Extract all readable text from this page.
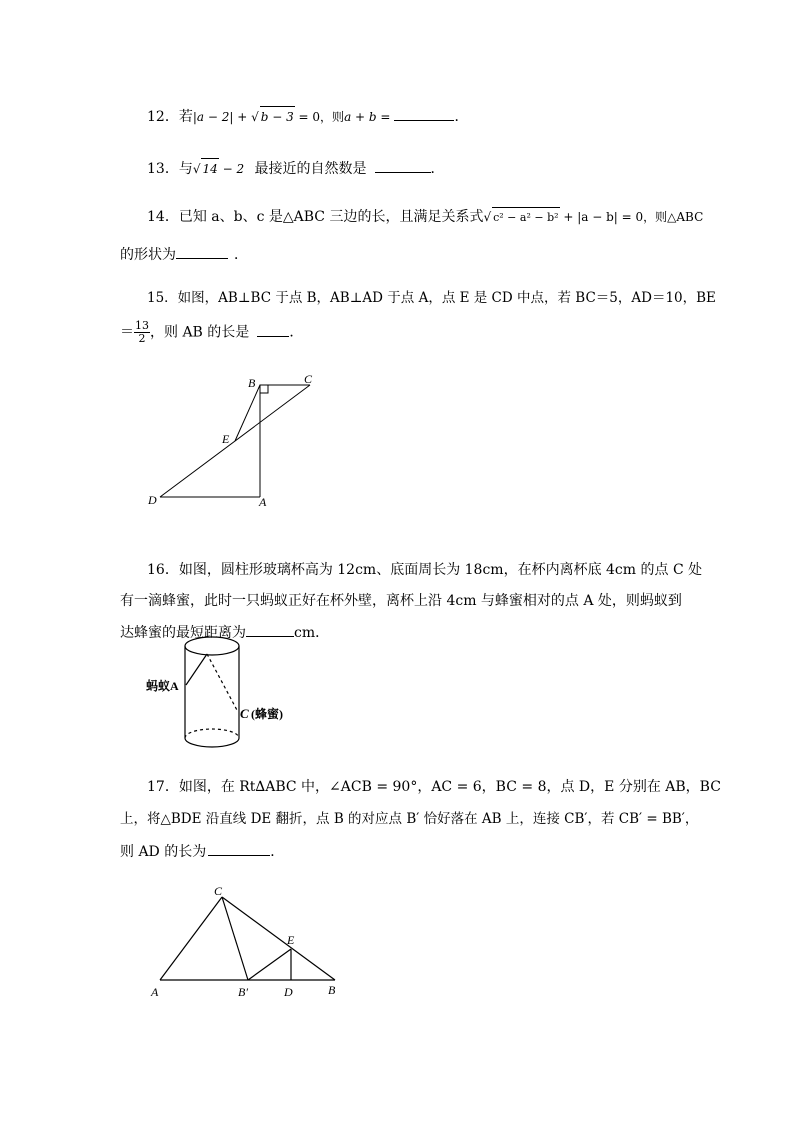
12．若|a − 2| + √ b − 3 = 0，则a + b =	．
13．与√ 14 − 2 最接近的自然数是	．
14．已知 a、b、c 是△ABC 三边的长，且满足关系式√ c² − a² − b² + |a − b| = 0，则△ABC
的形状为	．
15．如图，AB⊥BC 于点 B，AB⊥AD 于点 A，点 E 是 CD 中点，若 BC＝5，AD＝10，BE
＝ $\frac{13}{2}$ ，则 AB 的长是	．
B	C
E
D	A
16．如图，圆柱形玻璃杯高为 12cm、底面周长为 18cm，在杯内离杯底 4cm 的点 C 处
有一滴蜂蜜，此时一只蚂蚁正好在杯外壁，离杯上沿 4cm 与蜂蜜相对的点 A 处，则蚂蚁到
达蜂蜜的最短距离为	cm．
蚂蚁A
C (蜂蜜)
17．如图，在 Rt∆ABC 中，∠ACB = 90°，AC = 6，BC = 8，点 D，E 分别在 AB，BC
上，将△BDE 沿直线 DE 翻折，点 B 的对应点 B′ 恰好落在 AB 上，连接 CB′，若 CB′ = BB′，
则 AD 的长为	．
C
E
A	B′	D	B
